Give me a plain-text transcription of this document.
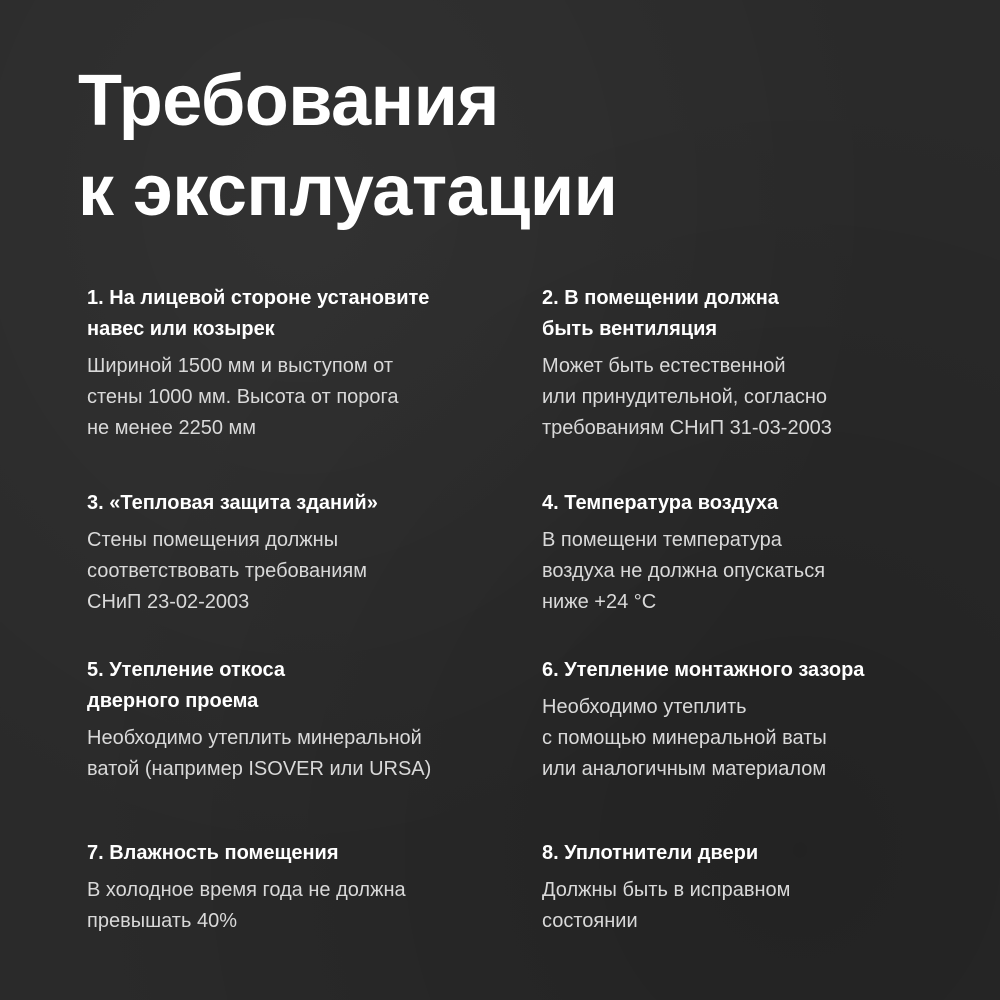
Требования
к эксплуатации
1. На лицевой стороне установите
навес или козырек
Шириной 1500 мм и выступом от
стены 1000 мм. Высота от порога
не менее 2250 мм
2. В помещении должна
быть вентиляция
Может быть естественной
или принудительной, согласно
требованиям СНиП 31-03-2003
3. «Тепловая защита зданий»
Стены помещения должны
соответствовать требованиям
СНиП 23-02-2003
4. Температура воздуха
В помещени температура
воздуха не должна опускаться
ниже +24 °C
5. Утепление откоса
дверного проема
Необходимо утеплить минеральной
ватой (например ISOVER или URSA)
6. Утепление монтажного зазора
Необходимо утеплить
с помощью минеральной ваты
или аналогичным материалом
7. Влажность помещения
В холодное время года не должна
превышать 40%
8. Уплотнители двери
Должны быть в исправном
состоянии
